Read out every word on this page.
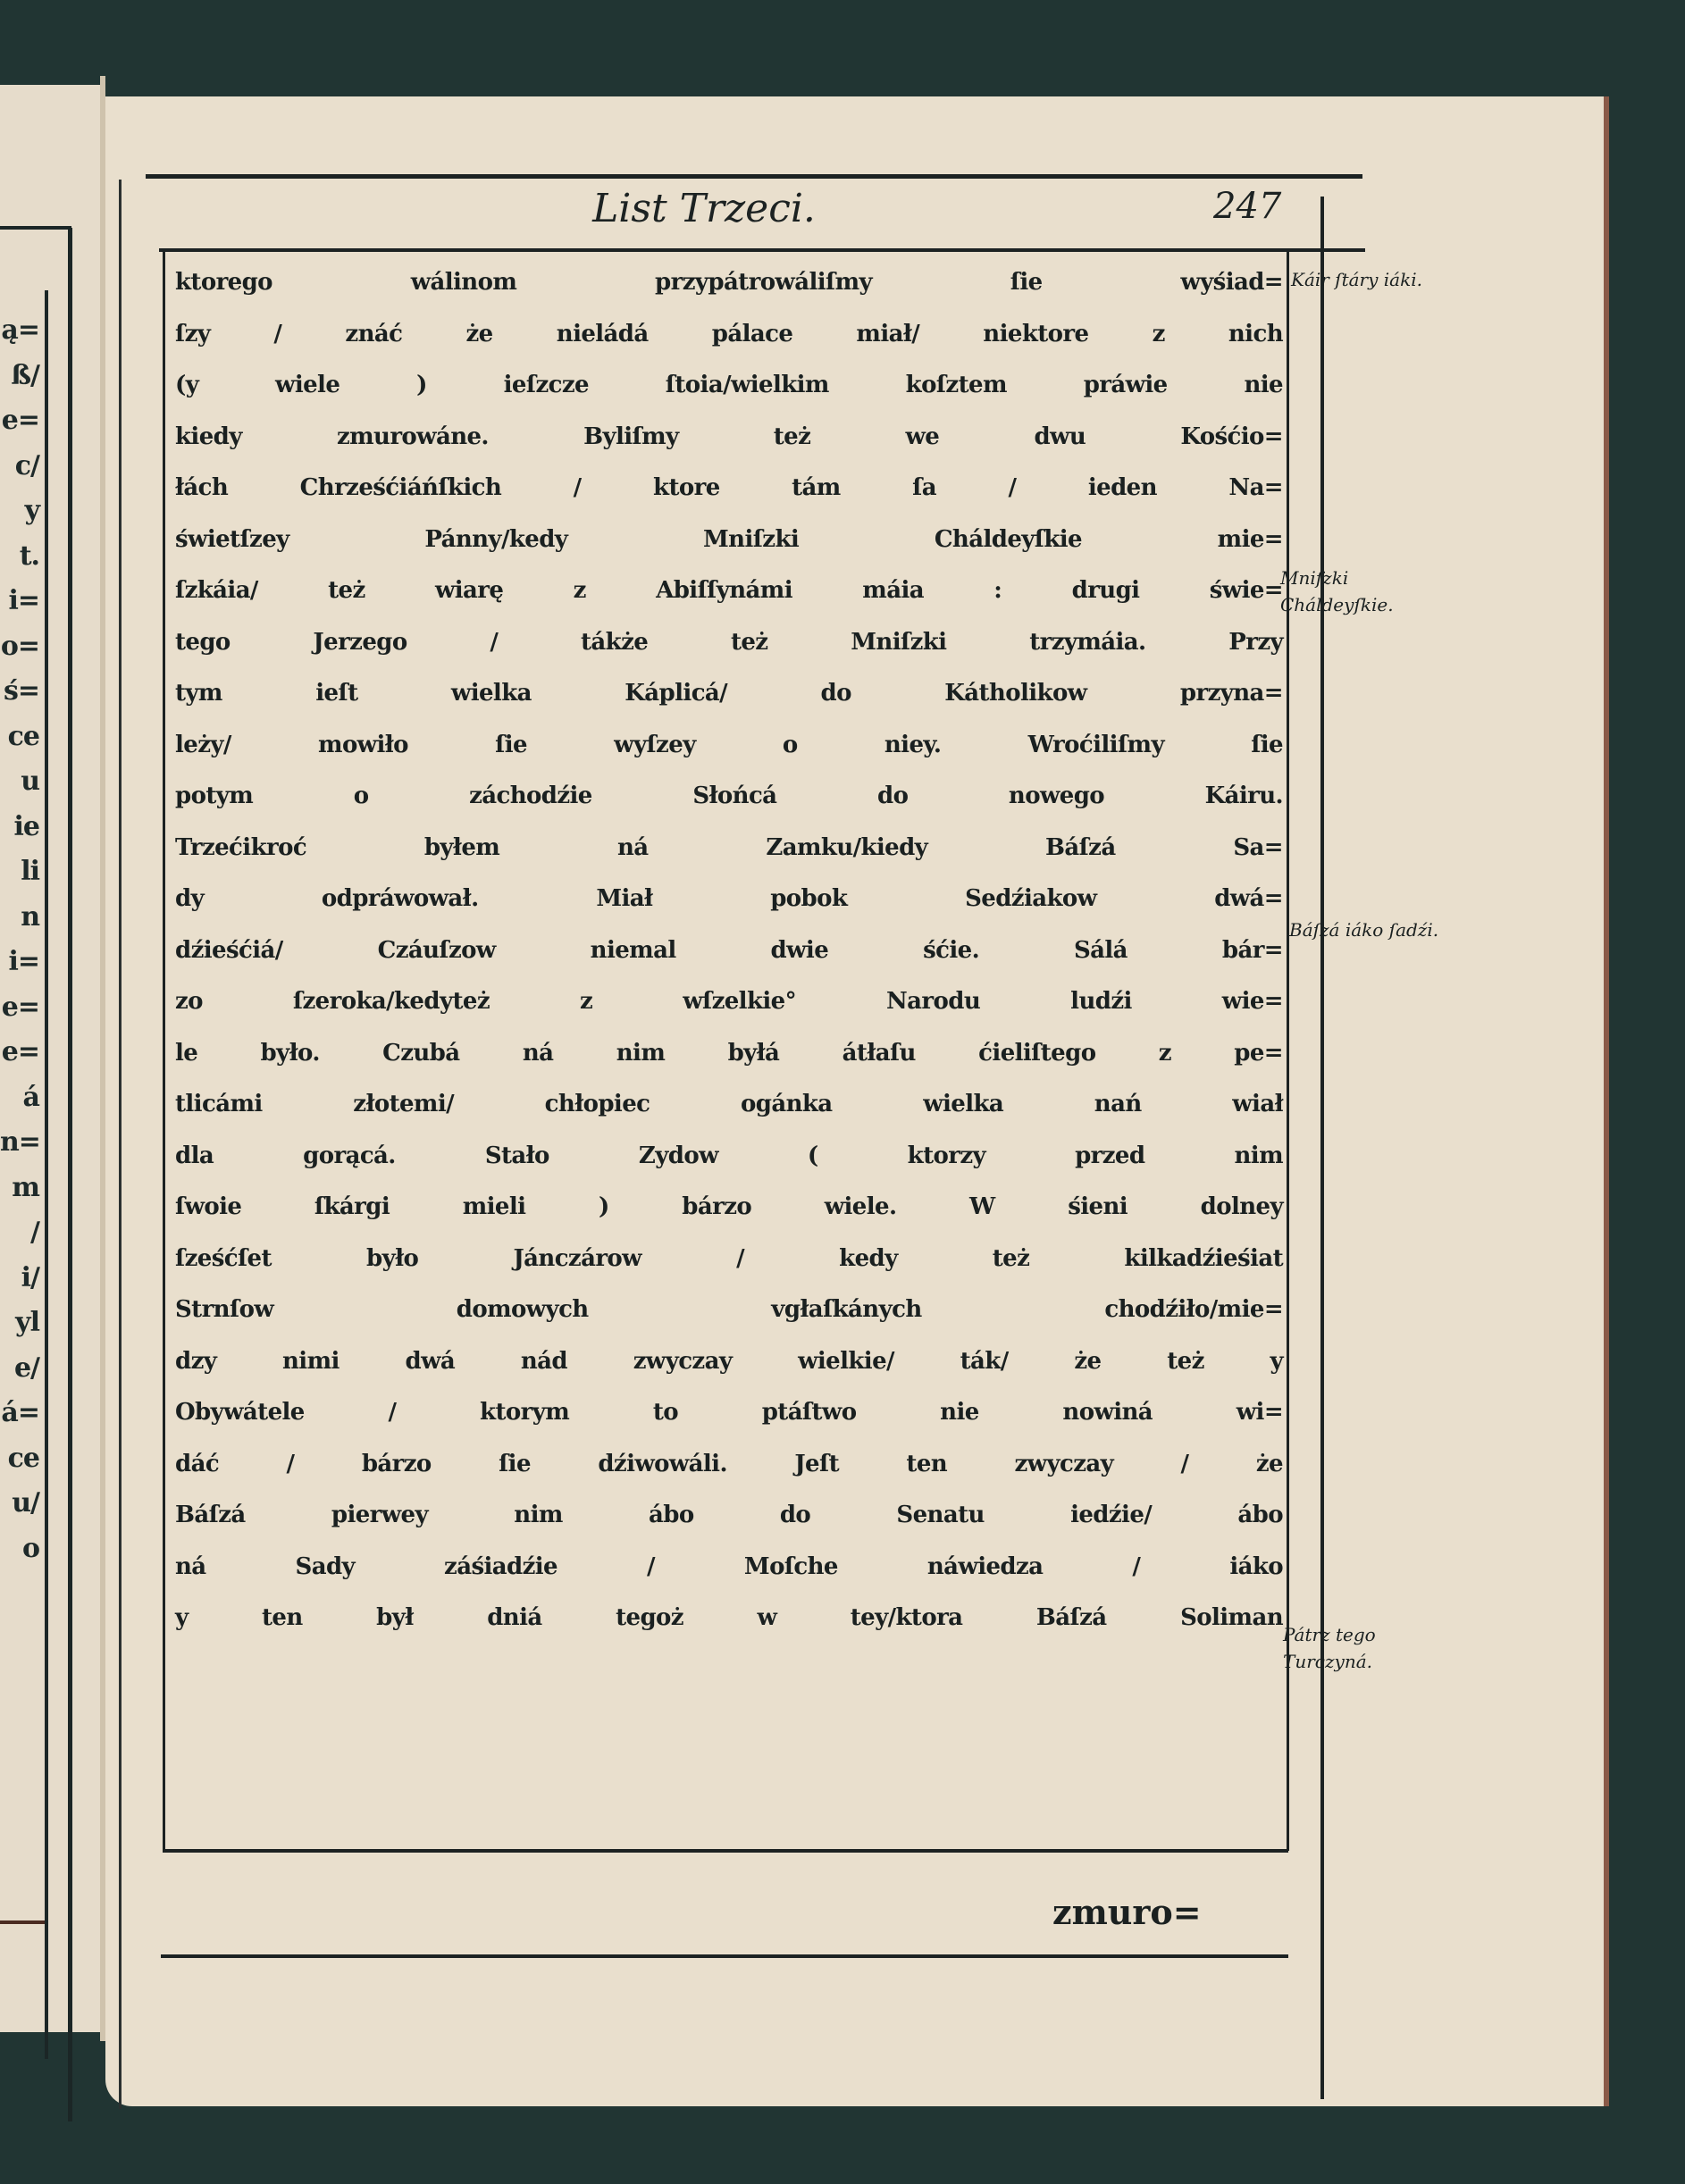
ą=
ß/
e=
c/
y
t.
i=
o=
ś=
ce
u
ie
li
n
i=
e=
e=
á
n=
m
/
i/
yl
e/
á=
ce
u/
o
List Trzeci.	247
ktorego wálinom przypátrowáliſmy ſie wyśiad=
ſzy / znáć że nieládá pálace miał/ niektore z nich
(y wiele ) ieſzcze ſtoia/wielkim koſztem práwie nie
kiedy zmurowáne. Byliſmy też we dwu Kośćio=
łách Chrześćiáńſkich / ktore tám ſa / ieden Na=
świetſzey Pánny/kedy Mniſzki Cháldeyſkie mie=
ſzkáia/ też wiarę z Abiſſynámi máia : drugi świe=
tego Jerzego / tákże też Mniſzki trzymáia. Przy
tym ieſt wielka Káplicá/ do Kátholikow przyna=
leży/ mowiło ſie wyſzey o niey. Wroćiliſmy ſie
potym o záchodźie Słońcá do nowego Káiru.
Trzećikroć byłem ná Zamku/kiedy Báſzá Sa=
dy odpráwował. Miał pobok Sedźiakow dwá=
dźieśćiá/ Czáuſzow niemal dwie śćie. Sálá bár=
zo ſzeroka/kedyteż z wſzelkie° Narodu ludźi wie=
le było. Czubá ná nim byłá átłaſu ćieliſtego z pe=
tlicámi złotemi/ chłopiec ogánka wielka nań wiał
dla gorącá. Stało Zydow ( ktorzy przed nim
ſwoie ſkárgi mieli ) bárzo wiele. W śieni dolney
ſześćſet było Jánczárow / kedy też kilkadźieśiat
Strnſow domowych vgłaſkánych chodźiło/mie=
dzy nimi dwá nád zwyczay wielkie/ ták/ że też y
Obywátele / ktorym to ptáſtwo nie nowiná wi=
dáć / bárzo ſie dźiwowáli. Jeſt ten zwyczay / że
Báſzá pierwey nim ábo do Senatu iedźie/ ábo
ná Sady záśiadźie / Moſche náwiedza / iáko
y ten był dniá tegoż w tey/ktora Báſzá Soliman
zmuro=
Káir ſtáry iáki.
Mniſzki Cháldeyſkie.
Báſzá iáko ſadźi.
Pátrz tego Turczyná.
